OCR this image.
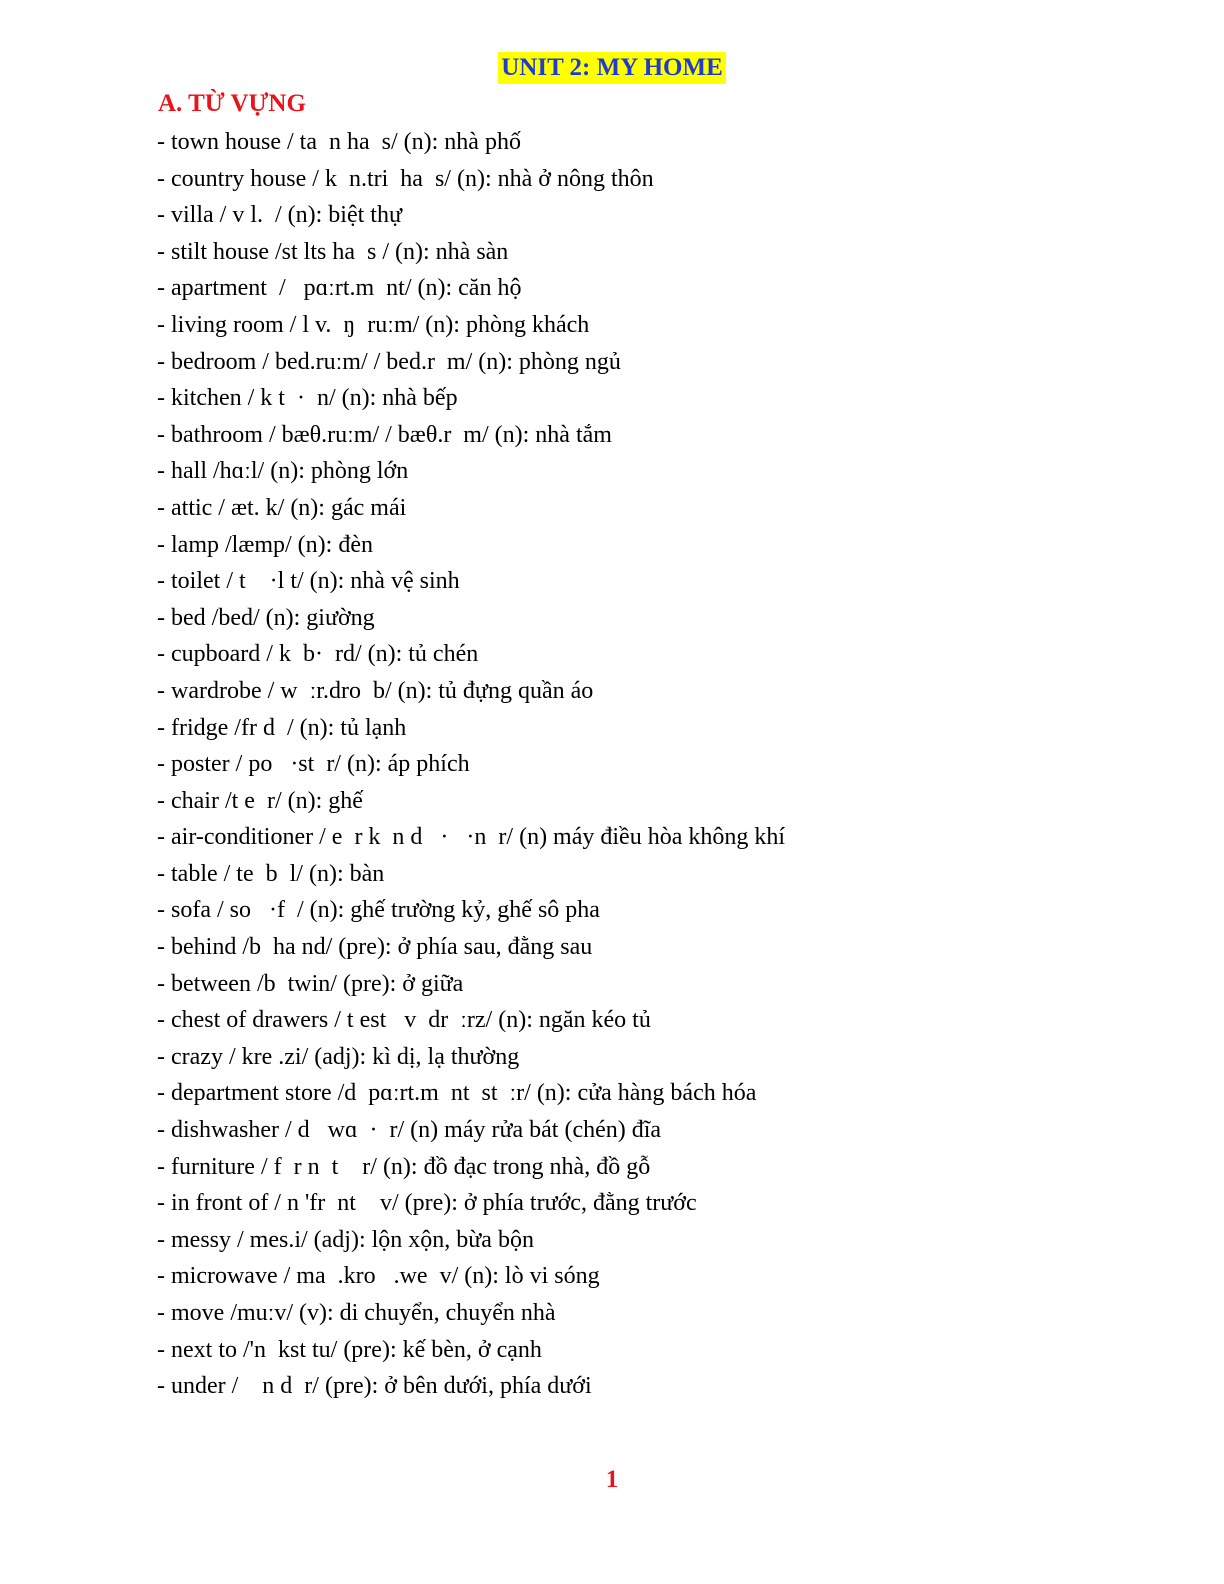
UNIT 2: MY HOME
A. TỪ VỰNG
- town house / ta  n ha  s/ (n): nhà phố
- country house / k  n.tri  ha  s/ (n): nhà ở nông thôn
- villa / v l.  / (n): biệt thự
- stilt house /st lts ha  s / (n): nhà sàn
- apartment  /   pɑːrt.m  nt/ (n): căn hộ
- living room / l v.  ŋ  ruːm/ (n): phòng khách
- bedroom / bed.ruːm/ / bed.r  m/ (n): phòng ngủ
- kitchen / k t  ·  n/ (n): nhà bếp
- bathroom / bæθ.ruːm/ / bæθ.r  m/ (n): nhà tắm
- hall /hɑːl/ (n): phòng lớn
- attic / æt. k/ (n): gác mái
- lamp /læmp/ (n): đèn
- toilet / t    ·l t/ (n): nhà vệ sinh
- bed /bed/ (n): giường
- cupboard / k  b·  rd/ (n): tủ chén
- wardrobe / w  ːr.dro  b/ (n): tủ đựng quần áo
- fridge /fr d  / (n): tủ lạnh
- poster / po   ·st  r/ (n): áp phích
- chair /t e  r/ (n): ghế
- air-conditioner / e  r k  n d   ·   ·n  r/ (n) máy điều hòa không khí
- table / te  b  l/ (n): bàn
- sofa / so   ·f  / (n): ghế trường kỷ, ghế sô pha
- behind /b  ha nd/ (pre): ở phía sau, đằng sau
- between /b  twin/ (pre): ở giữa
- chest of drawers / t est   v  dr  ːrz/ (n): ngăn kéo tủ
- crazy / kre .zi/ (adj): kì dị, lạ thường
- department store /d  pɑːrt.m  nt  st  ːr/ (n): cửa hàng bách hóa
- dishwasher / d   wɑ  ·  r/ (n) máy rửa bát (chén) đĩa
- furniture / f  r n  t    r/ (n): đồ đạc trong nhà, đồ gỗ
- in front of / n 'fr  nt    v/ (pre): ở phía trước, đằng trước
- messy / mes.i/ (adj): lộn xộn, bừa bộn
- microwave / ma  .kro   .we  v/ (n): lò vi sóng
- move /muːv/ (v): di chuyển, chuyển nhà
- next to /'n  kst tu/ (pre): kế bèn, ở cạnh
- under /    n d  r/ (pre): ở bên dưới, phía dưới
1
